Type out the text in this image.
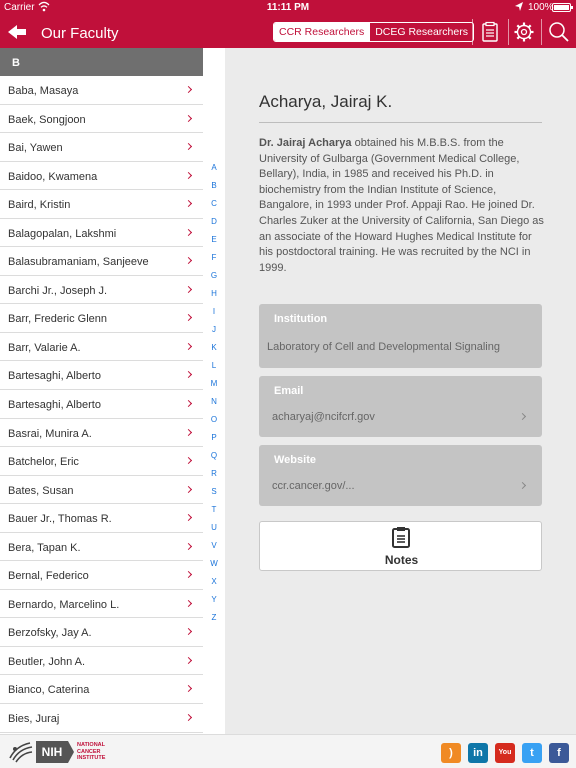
Carrier	11:11 PM	100%
Our Faculty	CCR Researchers	DCEG Researchers
B
Baba, Masaya
Baek, Songjoon
Bai, Yawen
Baidoo, Kwamena
Baird, Kristin
Balagopalan, Lakshmi
Balasubramaniam, Sanjeeve
Barchi Jr., Joseph J.
Barr, Frederic Glenn
Barr, Valarie A.
Bartesaghi, Alberto
Bartesaghi, Alberto
Basrai, Munira A.
Batchelor, Eric
Bates, Susan
Bauer Jr., Thomas R.
Bera, Tapan K.
Bernal, Federico
Bernardo, Marcelino L.
Berzofsky, Jay A.
Beutler, John A.
Bianco, Caterina
Bies, Juraj
A
B
C
D
E
F
G
H
I
J
K
L
M
N
O
P
Q
R
S
T
U
V
W
X
Y
Z
Acharya, Jairaj K.
Dr. Jairaj Acharya obtained his M.B.B.S. from the University of Gulbarga (Government Medical College, Bellary), India, in 1985 and received his Ph.D. in biochemistry from the Indian Institute of Science, Bangalore, in 1993 under Prof. Appaji Rao. He joined Dr. Charles Zuker at the University of California, San Diego as an associate of the Howard Hughes Medical Institute for his postdoctoral training. He was recruited by the NCI in 1999.
Institution
Laboratory of Cell and Developmental Signaling
Email
acharyaj@ncifcrf.gov
Website
ccr.cancer.gov/...
Notes
NIH	NATIONAL
CANCER
INSTITUTE	)	in	You	t	f
